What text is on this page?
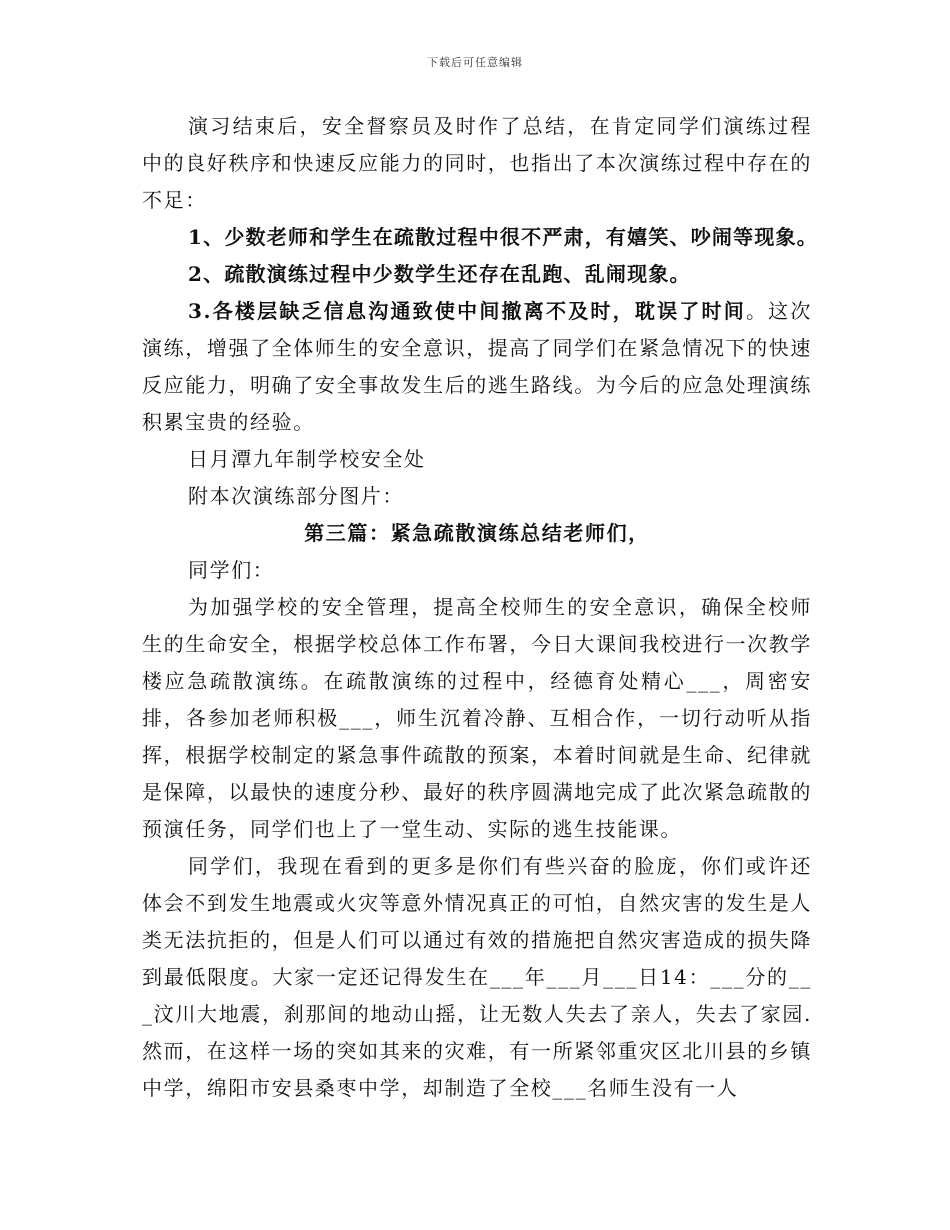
下载后可任意编辑

演习结束后，安全督察员及时作了总结，在肯定同学们演练过程中的良好秩序和快速反应能力的同时，也指出了本次演练过程中存在的不足：

1、少数老师和学生在疏散过程中很不严肃，有嬉笑、吵闹等现象。

2、疏散演练过程中少数学生还存在乱跑、乱闹现象。

3.各楼层缺乏信息沟通致使中间撤离不及时，耽误了时间。这次演练，增强了全体师生的安全意识，提高了同学们在紧急情况下的快速反应能力，明确了安全事故发生后的逃生路线。为今后的应急处理演练积累宝贵的经验。

日月潭九年制学校安全处

附本次演练部分图片：

第三篇：紧急疏散演练总结老师们，

同学们：

为加强学校的安全管理，提高全校师生的安全意识，确保全校师生的生命安全，根据学校总体工作布署，今日大课间我校进行一次教学楼应急疏散演练。在疏散演练的过程中，经德育处精心___，周密安排，各参加老师积极___，师生沉着冷静、互相合作，一切行动听从指挥，根据学校制定的紧急事件疏散的预案，本着时间就是生命、纪律就是保障，以最快的速度分秒、最好的秩序圆满地完成了此次紧急疏散的预演任务，同学们也上了一堂生动、实际的逃生技能课。

同学们，我现在看到的更多是你们有些兴奋的脸庞，你们或许还体会不到发生地震或火灾等意外情况真正的可怕，自然灾害的发生是人类无法抗拒的，但是人们可以通过有效的措施把自然灾害造成的损失降到最低限度。大家一定还记得发生在___年___月___日14：___分的___汶川大地震，刹那间的地动山摇，让无数人失去了亲人，失去了家园.然而，在这样一场的突如其来的灾难，有一所紧邻重灾区北川县的乡镇中学，绵阳市安县桑枣中学，却制造了全校___名师生没有一人
